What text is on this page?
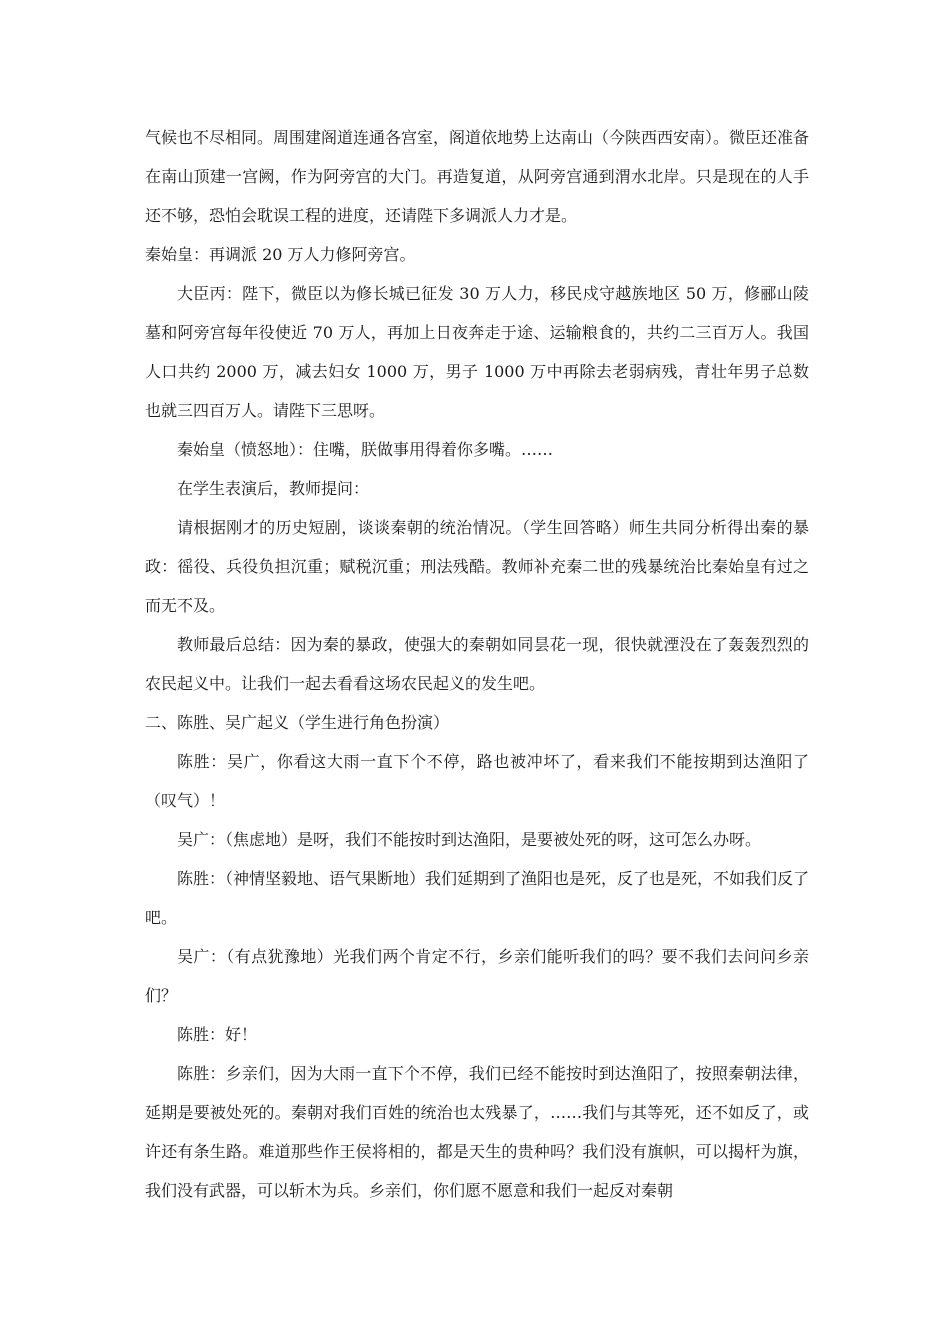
气候也不尽相同。周围建阁道连通各宫室，阁道依地势上达南山（今陕西西安南）。微臣还准备在南山顶建一宫阙，作为阿旁宫的大门。再造复道，从阿旁宫通到渭水北岸。只是现在的人手还不够，恐怕会耽误工程的进度，还请陛下多调派人力才是。

秦始皇：再调派 20 万人力修阿旁宫。

大臣丙：陛下，微臣以为修长城已征发 30 万人力，移民戍守越族地区 50 万，修郦山陵墓和阿旁宫每年役使近 70 万人，再加上日夜奔走于途、运输粮食的，共约二三百万人。我国人口共约 2000 万，减去妇女 1000 万，男子 1000 万中再除去老弱病残，青壮年男子总数也就三四百万人。请陛下三思呀。

秦始皇（愤怒地）：住嘴，朕做事用得着你多嘴。……

在学生表演后，教师提问：

请根据刚才的历史短剧，谈谈秦朝的统治情况。（学生回答略）师生共同分析得出秦的暴政：徭役、兵役负担沉重；赋税沉重；刑法残酷。教师补充秦二世的残暴统治比秦始皇有过之而无不及。

教师最后总结：因为秦的暴政，使强大的秦朝如同昙花一现，很快就湮没在了轰轰烈烈的农民起义中。让我们一起去看看这场农民起义的发生吧。

二、陈胜、吴广起义（学生进行角色扮演）

陈胜：吴广，你看这大雨一直下个不停，路也被冲坏了，看来我们不能按期到达渔阳了（叹气）！

吴广：（焦虑地）是呀，我们不能按时到达渔阳，是要被处死的呀，这可怎么办呀。

陈胜：（神情坚毅地、语气果断地）我们延期到了渔阳也是死，反了也是死，不如我们反了吧。

吴广：（有点犹豫地）光我们两个肯定不行，乡亲们能听我们的吗？要不我们去问问乡亲们？

陈胜：好！

陈胜：乡亲们，因为大雨一直下个不停，我们已经不能按时到达渔阳了，按照秦朝法律，延期是要被处死的。秦朝对我们百姓的统治也太残暴了，……我们与其等死，还不如反了，或许还有条生路。难道那些作王侯将相的，都是天生的贵种吗？我们没有旗帜，可以揭杆为旗，我们没有武器，可以斩木为兵。乡亲们，你们愿不愿意和我们一起反对秦朝
